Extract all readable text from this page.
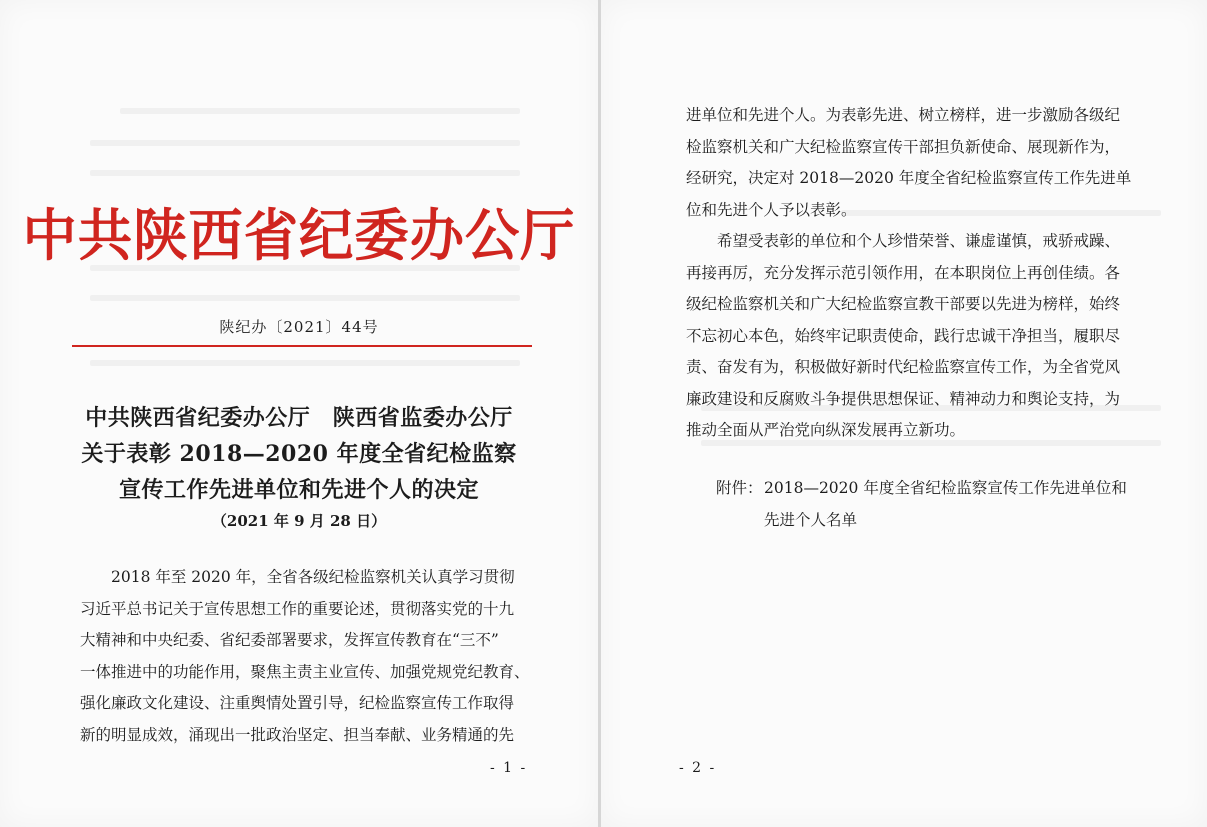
中共陕西省纪委办公厅
陕纪办〔2021〕44号
中共陕西省纪委办公厅　陕西省监委办公厅
关于表彰 2018—2020 年度全省纪检监察
宣传工作先进单位和先进个人的决定
（2021 年 9 月 28 日）
　　2018 年至 2020 年，全省各级纪检监察机关认真学习贯彻
习近平总书记关于宣传思想工作的重要论述，贯彻落实党的十九
大精神和中央纪委、省纪委部署要求，发挥宣传教育在“三不”
一体推进中的功能作用，聚焦主责主业宣传、加强党规党纪教育、
强化廉政文化建设、注重舆情处置引导，纪检监察宣传工作取得
新的明显成效，涌现出一批政治坚定、担当奉献、业务精通的先
- 1 -
进单位和先进个人。为表彰先进、树立榜样，进一步激励各级纪
检监察机关和广大纪检监察宣传干部担负新使命、展现新作为，
经研究，决定对 2018—2020 年度全省纪检监察宣传工作先进单
位和先进个人予以表彰。
　　希望受表彰的单位和个人珍惜荣誉、谦虚谨慎，戒骄戒躁、
再接再厉，充分发挥示范引领作用，在本职岗位上再创佳绩。各
级纪检监察机关和广大纪检监察宣教干部要以先进为榜样，始终
不忘初心本色，始终牢记职责使命，践行忠诚干净担当，履职尽
责、奋发有为，积极做好新时代纪检监察宣传工作，为全省党风
廉政建设和反腐败斗争提供思想保证、精神动力和舆论支持，为
推动全面从严治党向纵深发展再立新功。
附件：2018—2020 年度全省纪检监察宣传工作先进单位和
先进个人名单
- 2 -
